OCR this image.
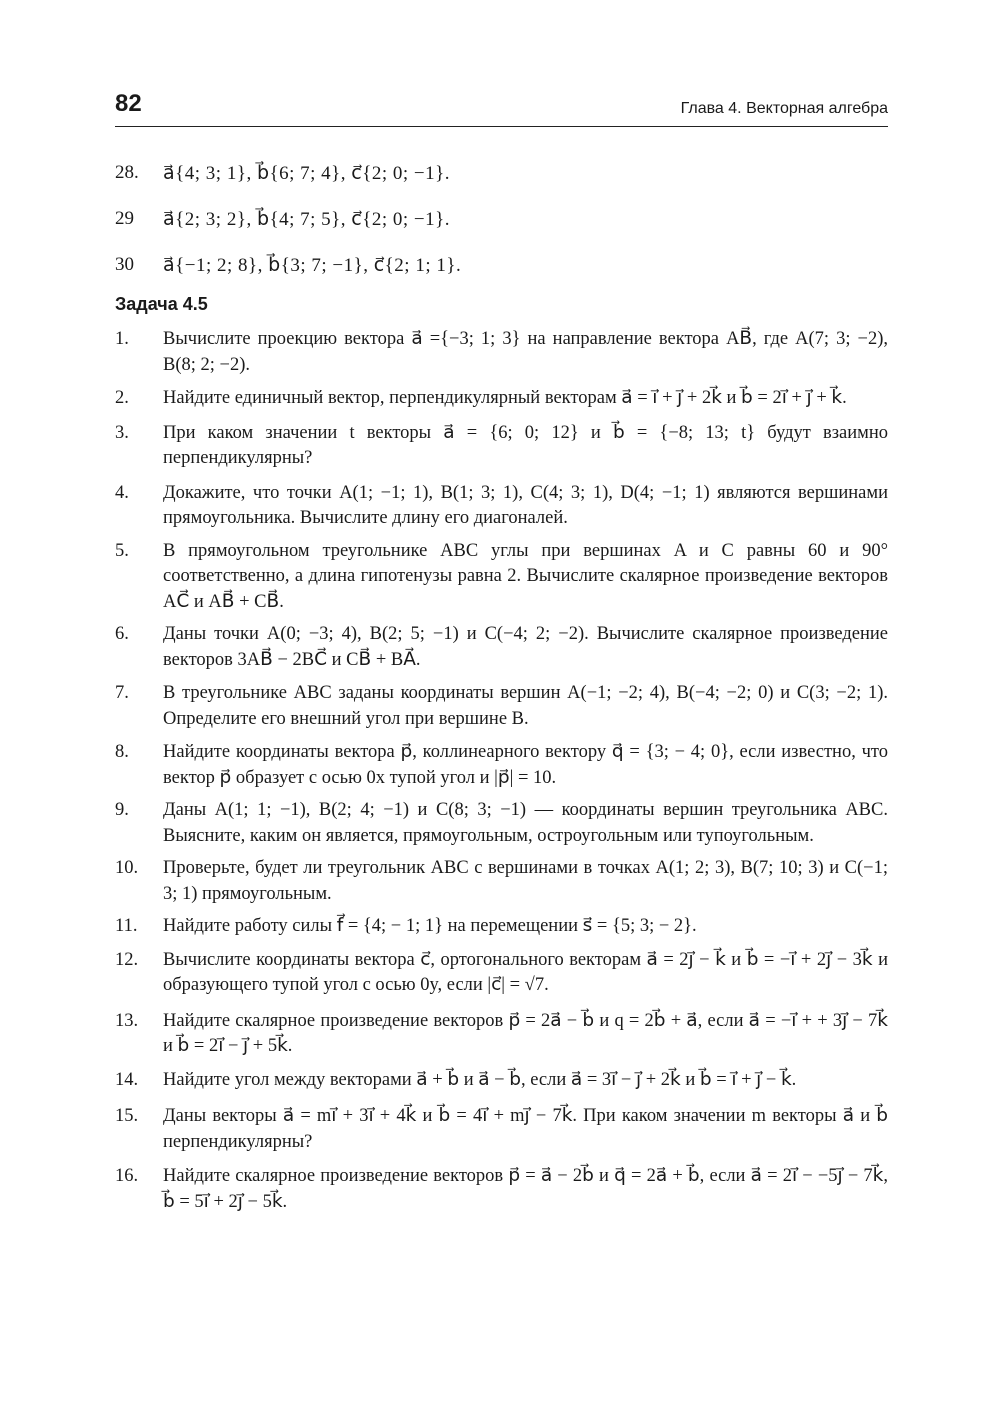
82	Глава 4. Векторная алгебра
28.	a⃗{4; 3; 1}, b⃗{6; 7; 4}, c⃗{2; 0; −1}.
29	a⃗{2; 3; 2}, b⃗{4; 7; 5}, c⃗{2; 0; −1}.
30	a⃗{−1; 2; 8}, b⃗{3; 7; −1}, c⃗{2; 1; 1}.
Задача 4.5
1.	Вычислите проекцию вектора a⃗ ={−3; 1; 3} на направление вектора AB⃗, где A(7; 3; −2), B(8; 2; −2).
2.	Найдите единичный вектор, перпендикулярный векторам a⃗ = i⃗ + j⃗ + 2k⃗ и b⃗ = 2i⃗ + j⃗ + k⃗.
3.	При каком значении t векторы a⃗ = {6; 0; 12} и b⃗ = {−8; 13; t} будут взаимно перпендикулярны?
4.	Докажите, что точки A(1; −1; 1), B(1; 3; 1), C(4; 3; 1), D(4; −1; 1) являются вершинами прямоугольника. Вычислите длину его диагоналей.
5.	В прямоугольном треугольнике ABC углы при вершинах A и C равны 60 и 90° соответственно, а длина гипотенузы равна 2. Вычислите скалярное произведение векторов AC⃗ и AB⃗ + CB⃗.
6.	Даны точки A(0; −3; 4), B(2; 5; −1) и C(−4; 2; −2). Вычислите скалярное произведение векторов 3AB⃗ − 2BC⃗ и CB⃗ + BA⃗.
7.	В треугольнике ABC заданы координаты вершин A(−1; −2; 4), B(−4; −2; 0) и C(3; −2; 1). Определите его внешний угол при вершине B.
8.	Найдите координаты вектора p⃗, коллинеарного вектору q⃗ = {3; − 4; 0}, если известно, что вектор p⃗ образует с осью 0x тупой угол и |p⃗| = 10.
9.	Даны A(1; 1; −1), B(2; 4; −1) и C(8; 3; −1) — координаты вершин треугольника ABC. Выясните, каким он является, прямоугольным, остроугольным или тупоугольным.
10.	Проверьте, будет ли треугольник ABC с вершинами в точках A(1; 2; 3), B(7; 10; 3) и C(−1; 3; 1) прямоугольным.
11.	Найдите работу силы f⃗ = {4; − 1; 1} на перемещении s⃗ = {5; 3; − 2}.
12.	Вычислите координаты вектора c⃗, ортогонального векторам a⃗ = 2j⃗ − k⃗ и b⃗ = −i⃗ + 2j⃗ − 3k⃗ и образующего тупой угол с осью 0y, если |c⃗| = √7.
13.	Найдите скалярное произведение векторов p⃗ = 2a⃗ − b⃗ и q = 2b⃗ + a⃗, если a⃗ = −i⃗ + + 3j⃗ − 7k⃗ и b⃗ = 2i⃗ − j⃗ + 5k⃗.
14.	Найдите угол между векторами a⃗ + b⃗ и a⃗ − b⃗, если a⃗ = 3i⃗ − j⃗ + 2k⃗ и b⃗ = i⃗ + j⃗ − k⃗.
15.	Даны векторы a⃗ = mi⃗ + 3i⃗ + 4k⃗ и b⃗ = 4i⃗ + mj⃗ − 7k⃗. При каком значении m векторы a⃗ и b⃗ перпендикулярны?
16.	Найдите скалярное произведение векторов p⃗ = a⃗ − 2b⃗ и q⃗ = 2a⃗ + b⃗, если a⃗ = 2i⃗ − −5j⃗ − 7k⃗, b⃗ = 5i⃗ + 2j⃗ − 5k⃗.
